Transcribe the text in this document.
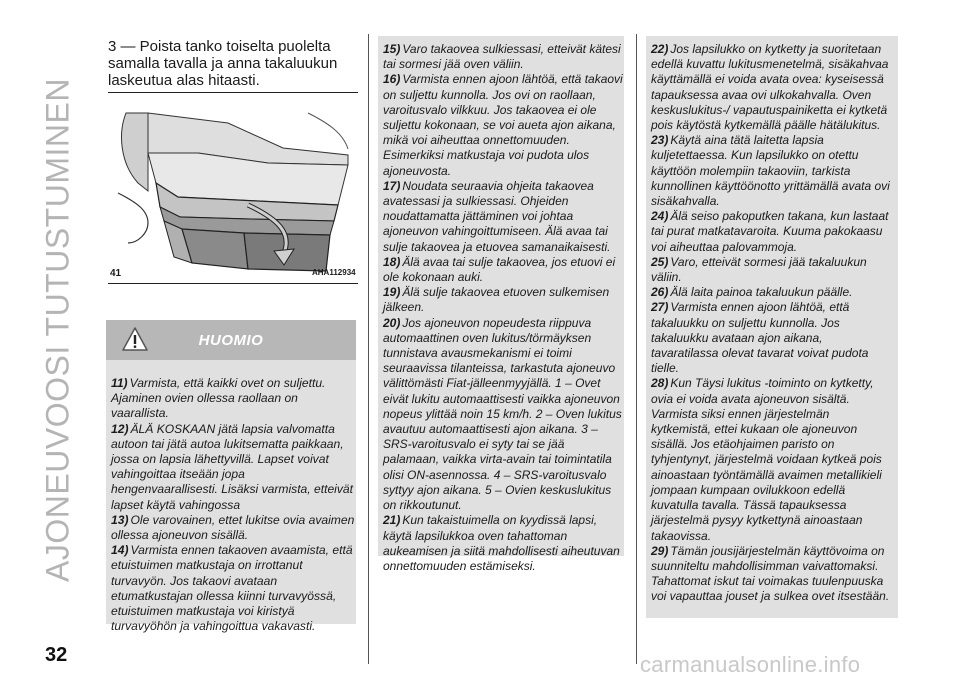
AJONEUVOOSI TUTUSTUMINEN
3 — Poista tanko toiselta puolelta samalla tavalla ja anna takaluukun laskeutua alas hitaasti.
41	AHA112934
HUOMIO

11) Varmista, että kaikki ovet on suljettu. Ajaminen ovien ollessa raollaan on vaarallista.

12) ÄLÄ KOSKAAN jätä lapsia valvomatta autoon tai jätä autoa lukitsematta paikkaan, jossa on lapsia lähettyvillä. Lapset voivat vahingoittaa itseään jopa hengenvaarallisesti. Lisäksi varmista, etteivät lapset käytä vahingossa

13) Ole varovainen, ettet lukitse ovia avaimen ollessa ajoneuvon sisällä.

14) Varmista ennen takaoven avaamista, että etuistuimen matkustaja on irrottanut turvavyön. Jos takaovi avataan etumatkustajan ollessa kiinni turvavyössä, etuistuimen matkustaja voi kiristyä turvavyöhön ja vahingoittua vakavasti.

15) Varo takaovea sulkiessasi, etteivät kätesi tai sormesi jää oven väliin.

16) Varmista ennen ajoon lähtöä, että takaovi on suljettu kunnolla. Jos ovi on raollaan, varoitusvalo vilkkuu. Jos takaovea ei ole suljettu kokonaan, se voi aueta ajon aikana, mikä voi aiheuttaa onnettomuuden. Esimerkiksi matkustaja voi pudota ulos ajoneuvosta.

17) Noudata seuraavia ohjeita takaovea avatessasi ja sulkiessasi. Ohjeiden noudattamatta jättäminen voi johtaa ajoneuvon vahingoittumiseen. Älä avaa tai sulje takaovea ja etuovea samanaikaisesti.

18) Älä avaa tai sulje takaovea, jos etuovi ei ole kokonaan auki.

19) Älä sulje takaovea etuoven sulkemisen jälkeen.

20) Jos ajoneuvon nopeudesta riippuva automaattinen oven lukitus/törmäyksen tunnistava avausmekanismi ei toimi seuraavissa tilanteissa, tarkastuta ajoneuvo välittömästi Fiat-jälleenmyyjällä. 1 – Ovet eivät lukitu automaattisesti vaikka ajoneuvon nopeus ylittää noin 15 km/h. 2 – Oven lukitus avautuu automaattisesti ajon aikana. 3 – SRS-varoitusvalo ei syty tai se jää palamaan, vaikka virta-avain tai toimintatila olisi ON-asennossa. 4 – SRS-varoitusvalo syttyy ajon aikana. 5 – Ovien keskuslukitus on rikkoutunut.

21) Kun takaistuimella on kyydissä lapsi, käytä lapsilukkoa oven tahattoman aukeamisen ja siitä mahdollisesti aiheutuvan onnettomuuden estämiseksi.

22) Jos lapsilukko on kytketty ja suoritetaan edellä kuvattu lukitusmenetelmä, sisäkahvaa käyttämällä ei voida avata ovea: kyseisessä tapauksessa avaa ovi ulkokahvalla. Oven keskuslukitus-/ vapautuspainiketta ei kytketä pois käytöstä kytkemällä päälle hätälukitus.

23) Käytä aina tätä laitetta lapsia kuljetettaessa. Kun lapsilukko on otettu käyttöön molempiin takaoviin, tarkista kunnollinen käyttöönotto yrittämällä avata ovi sisäkahvalla.

24) Älä seiso pakoputken takana, kun lastaat tai purat matkatavaroita. Kuuma pakokaasu voi aiheuttaa palovammoja.

25) Varo, etteivät sormesi jää takaluukun väliin.

26) Älä laita painoa takaluukun päälle.

27) Varmista ennen ajoon lähtöä, että takaluukku on suljettu kunnolla. Jos takaluukku avataan ajon aikana, tavaratilassa olevat tavarat voivat pudota tielle.

28) Kun Täysi lukitus -toiminto on kytketty, ovia ei voida avata ajoneuvon sisältä. Varmista siksi ennen järjestelmän kytkemistä, ettei kukaan ole ajoneuvon sisällä. Jos etäohjaimen paristo on tyhjentynyt, järjestelmä voidaan kytkeä pois ainoastaan työntämällä avaimen metallikieli jompaan kumpaan ovilukkoon edellä kuvatulla tavalla. Tässä tapauksessa järjestelmä pysyy kytkettynä ainoastaan takaovissa.

29) Tämän jousijärjestelmän käyttövoima on suunniteltu mahdollisimman vaivattomaksi. Tahattomat iskut tai voimakas tuulenpuuska voi vapauttaa jouset ja sulkea ovet itsestään.

32	carmanualsonline.info
